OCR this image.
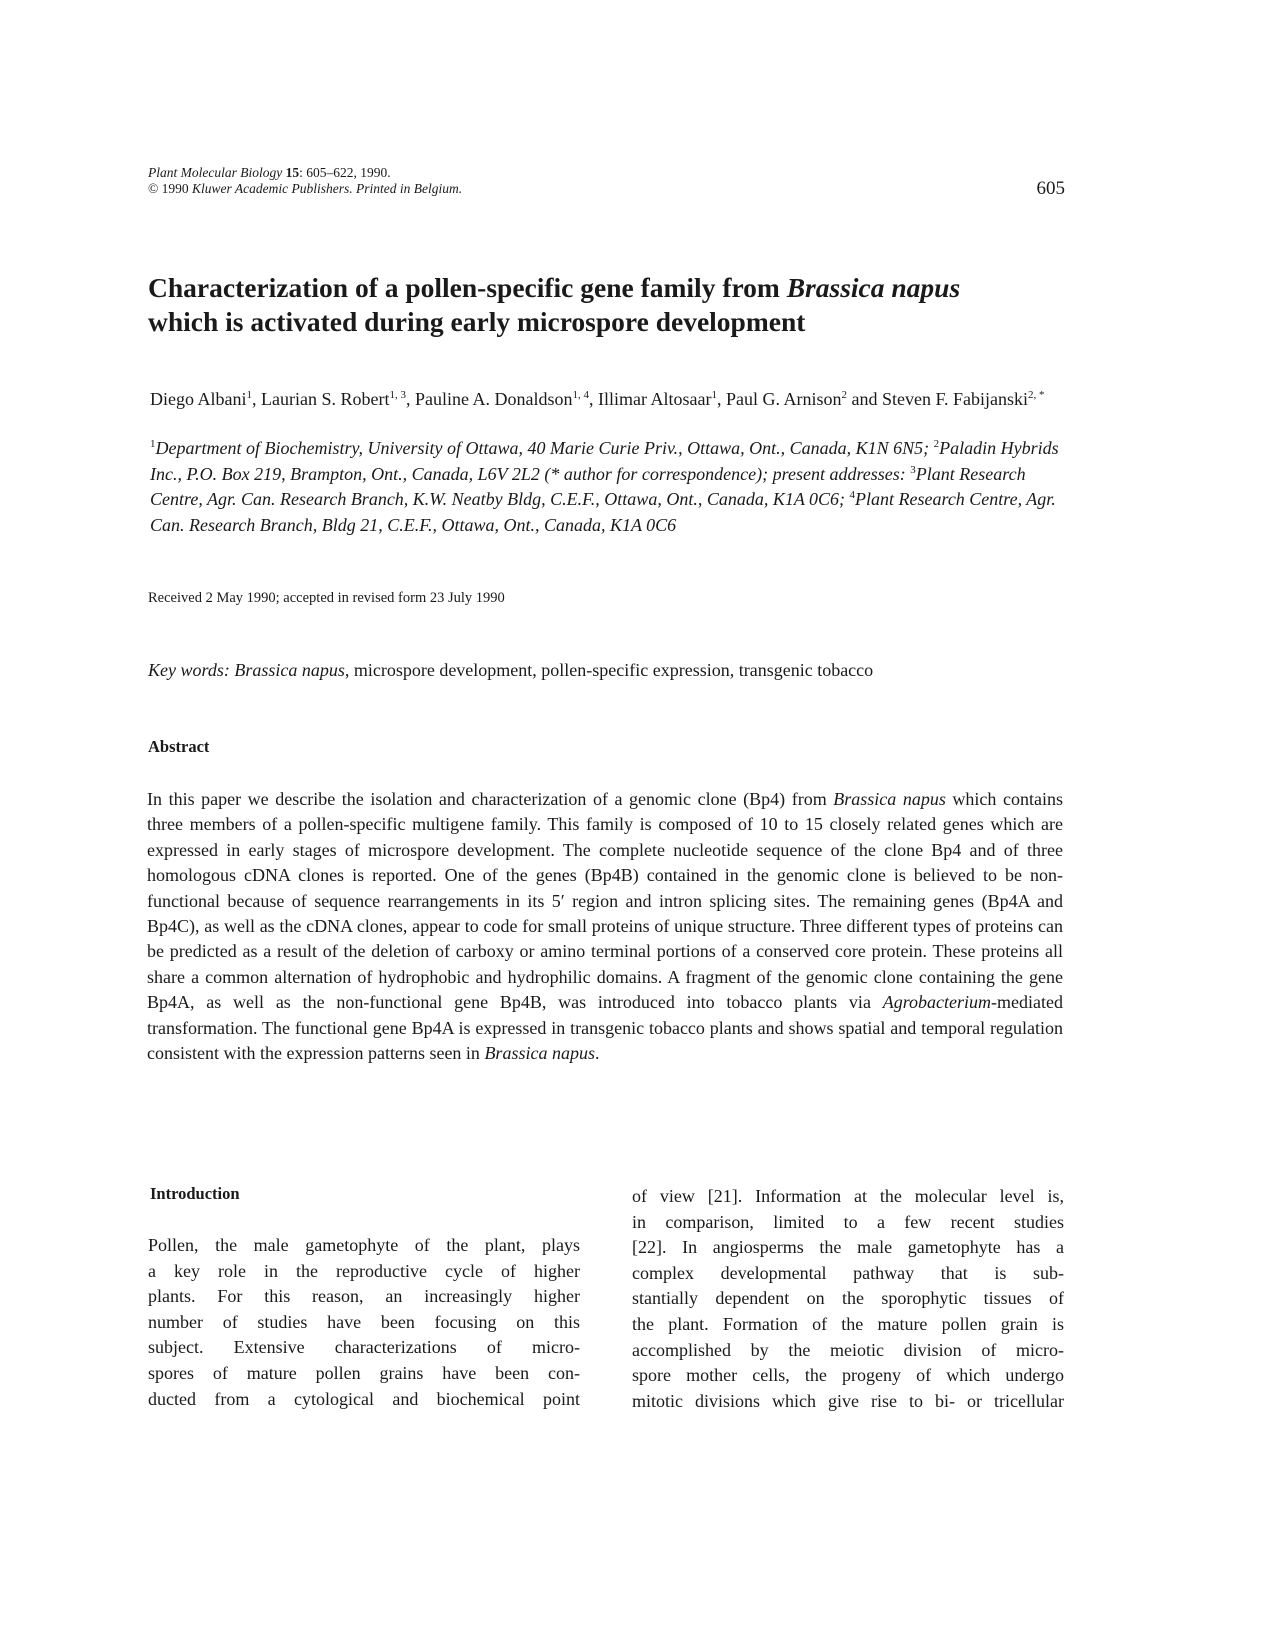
Plant Molecular Biology 15: 605–622, 1990.
© 1990 Kluwer Academic Publishers. Printed in Belgium.	605
Characterization of a pollen-specific gene family from Brassica napus
which is activated during early microspore development
Diego Albani$^1$, Laurian S. Robert$^{1, 3}$, Pauline A. Donaldson$^{1, 4}$, Illimar Altosaar$^1$, Paul G. Arnison$^2$ and Steven F. Fabijanski$^{2, *}$
$^1$Department of Biochemistry, University of Ottawa, 40 Marie Curie Priv., Ottawa, Ont., Canada, K1N 6N5; $^2$Paladin Hybrids Inc., P.O. Box 219, Brampton, Ont., Canada, L6V 2L2 (* author for correspondence); present addresses: $^3$Plant Research Centre, Agr. Can. Research Branch, K.W. Neatby Bldg, C.E.F., Ottawa, Ont., Canada, K1A 0C6; $^4$Plant Research Centre, Agr. Can. Research Branch, Bldg 21, C.E.F., Ottawa, Ont., Canada, K1A 0C6
Received 2 May 1990; accepted in revised form 23 July 1990
Key words: Brassica napus, microspore development, pollen-specific expression, transgenic tobacco
Abstract
In this paper we describe the isolation and characterization of a genomic clone (Bp4) from Brassica napus which contains three members of a pollen-specific multigene family. This family is composed of 10 to 15 closely related genes which are expressed in early stages of microspore development. The complete nucleotide sequence of the clone Bp4 and of three homologous cDNA clones is reported. One of the genes (Bp4B) contained in the genomic clone is believed to be non-functional because of sequence rearrangements in its 5′ region and intron splicing sites. The remaining genes (Bp4A and Bp4C), as well as the cDNA clones, appear to code for small proteins of unique structure. Three different types of proteins can be predicted as a result of the deletion of carboxy or amino terminal portions of a conserved core protein. These proteins all share a common alternation of hydrophobic and hydrophilic domains. A fragment of the genomic clone containing the gene Bp4A, as well as the non-functional gene Bp4B, was introduced into tobacco plants via Agrobacterium-mediated transformation. The functional gene Bp4A is expressed in transgenic tobacco plants and shows spatial and temporal regulation consistent with the expression patterns seen in Brassica napus.
Introduction
Pollen, the male gametophyte of the plant, plays
a key role in the reproductive cycle of higher
plants. For this reason, an increasingly higher
number of studies have been focusing on this
subject. Extensive characterizations of micro-
spores of mature pollen grains have been con-
ducted from a cytological and biochemical point
of view [21]. Information at the molecular level is,
in comparison, limited to a few recent studies
[22]. In angiosperms the male gametophyte has a
complex developmental pathway that is sub-
stantially dependent on the sporophytic tissues of
the plant. Formation of the mature pollen grain is
accomplished by the meiotic division of micro-
spore mother cells, the progeny of which undergo
mitotic divisions which give rise to bi- or tricellular
